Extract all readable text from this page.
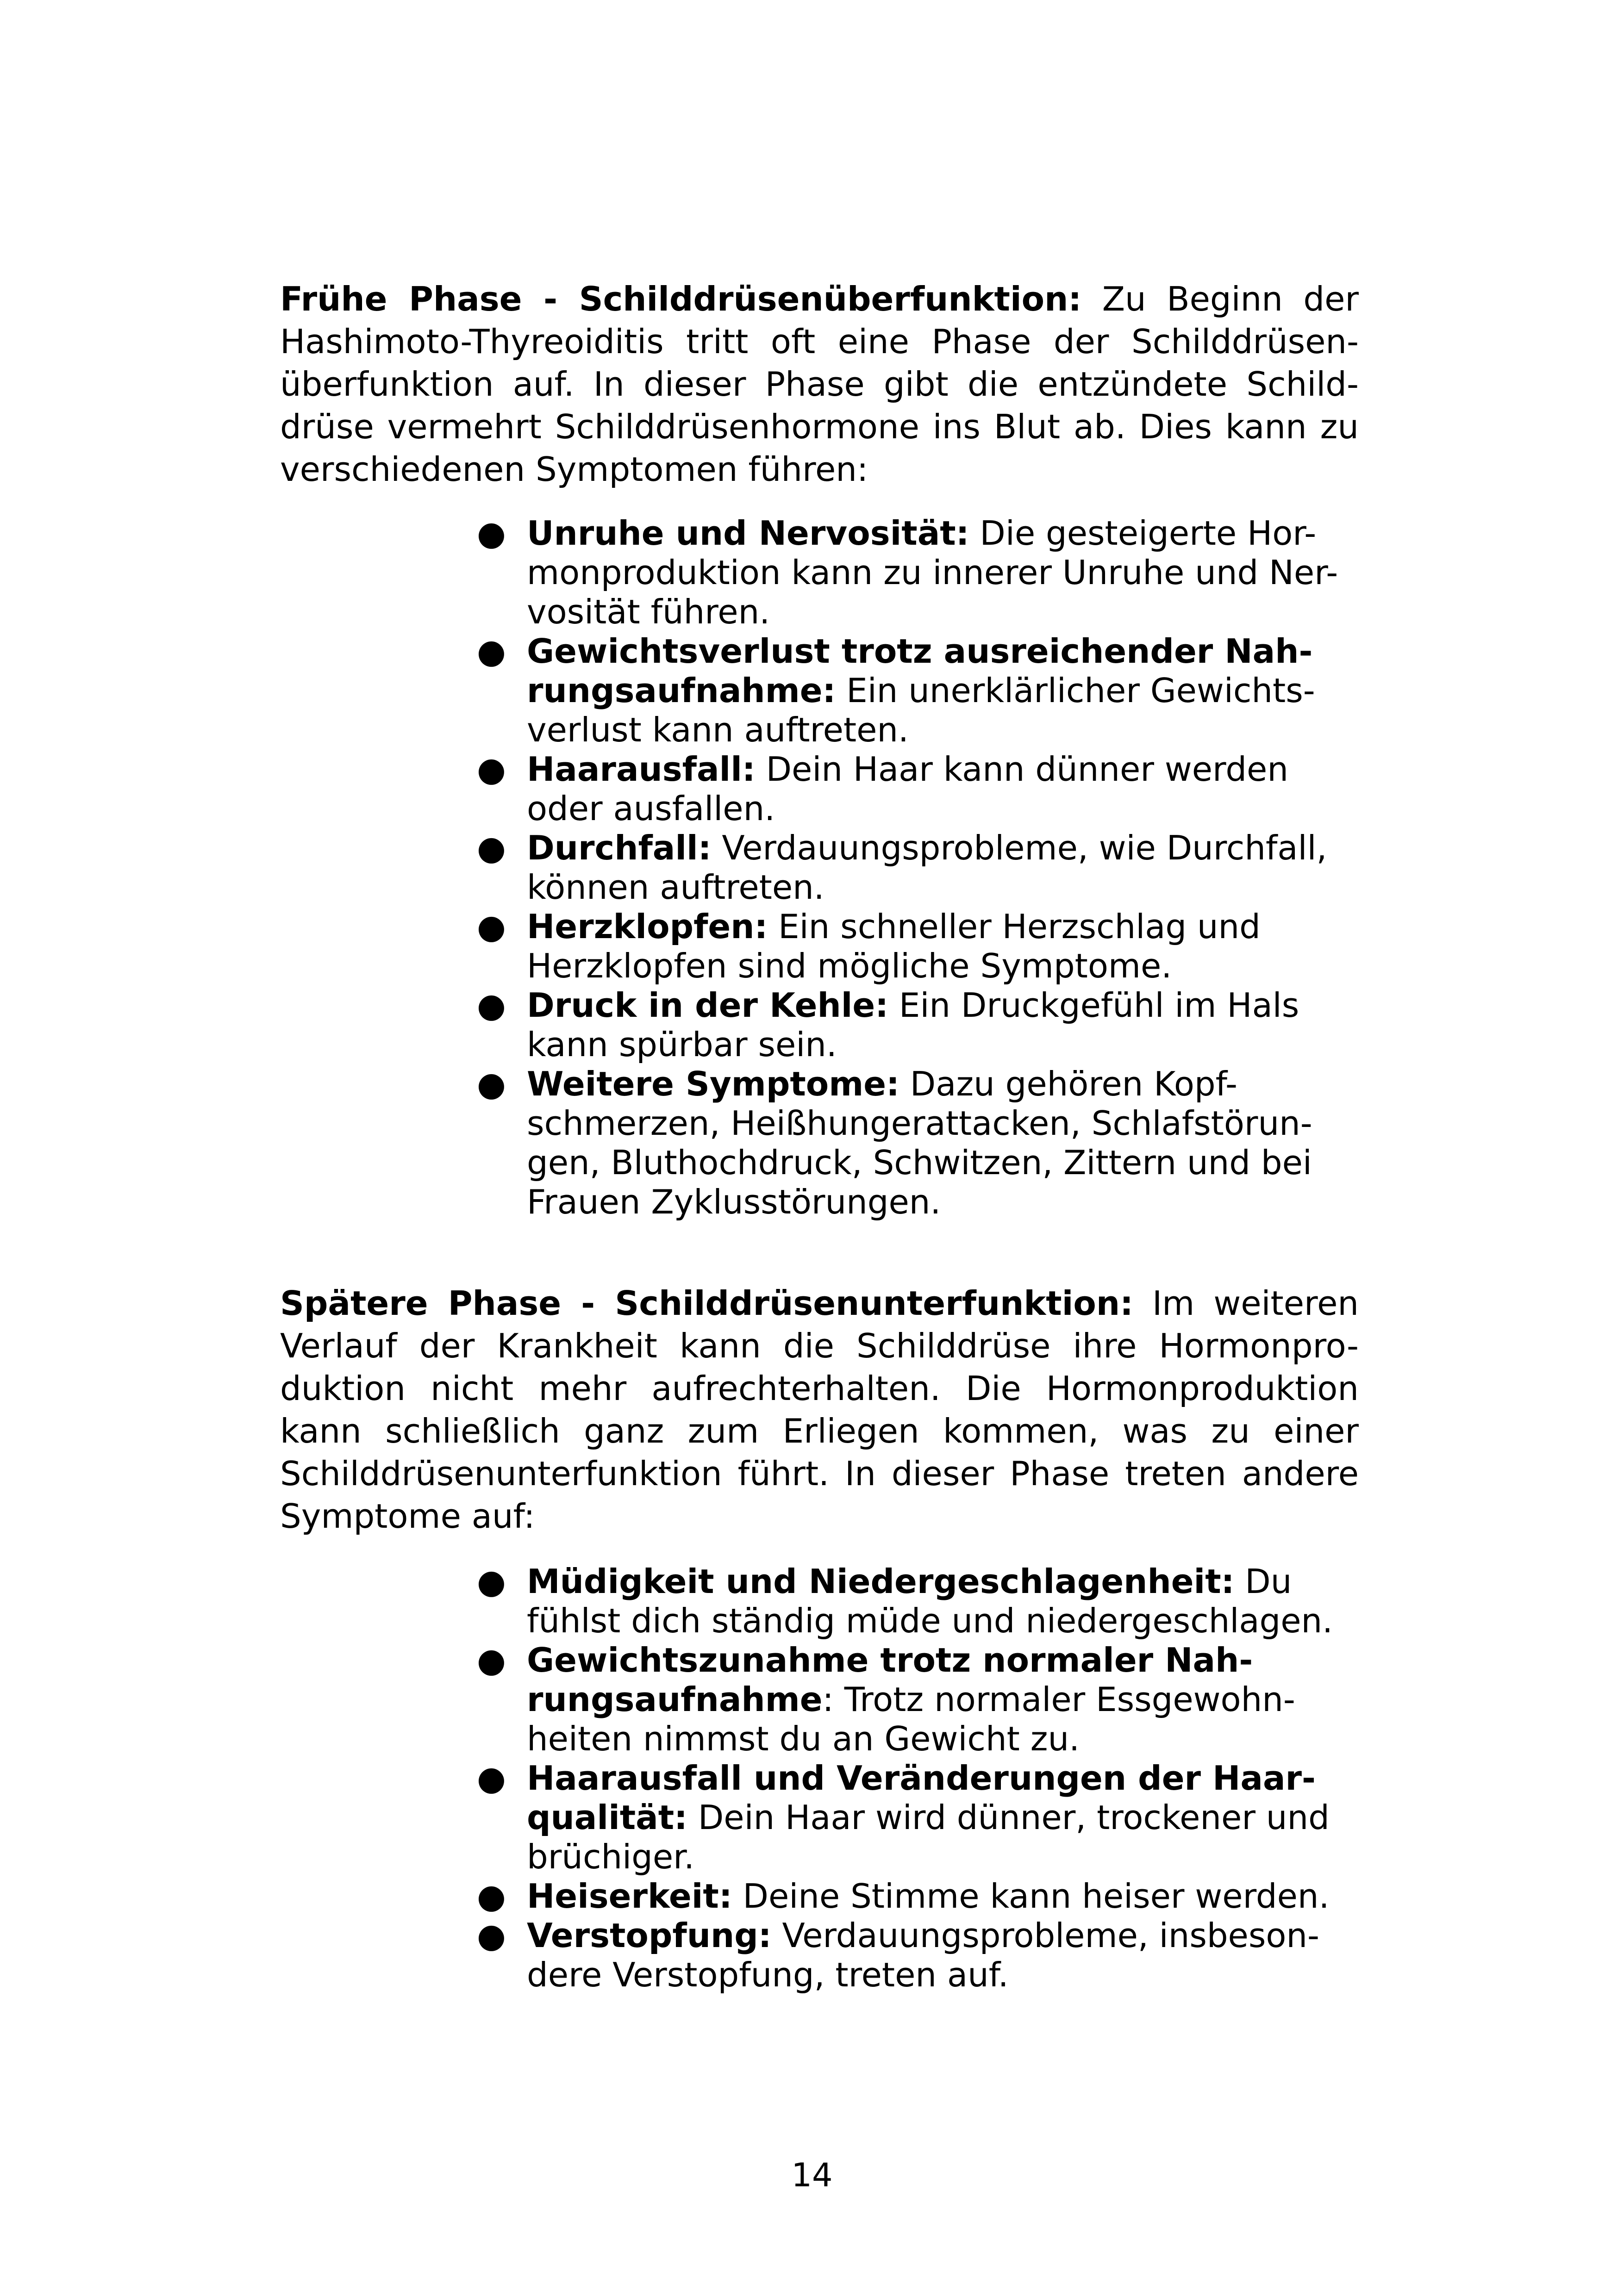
Frühe Phase - Schilddrüsenüberfunktion: Zu Beginn der
Hashimoto-Thyreoiditis tritt oft eine Phase der Schilddrüsen-
überfunktion auf. In dieser Phase gibt die entzündete Schild-
drüse vermehrt Schilddrüsenhormone ins Blut ab. Dies kann zu
verschiedenen Symptomen führen:
● Unruhe und Nervosität: Die gesteigerte Hor-
monproduktion kann zu innerer Unruhe und Ner-
vosität führen.
● Gewichtsverlust trotz ausreichender Nah-
rungsaufnahme: Ein unerklärlicher Gewichts-
verlust kann auftreten.
● Haarausfall: Dein Haar kann dünner werden
oder ausfallen.
● Durchfall: Verdauungsprobleme, wie Durchfall,
können auftreten.
● Herzklopfen: Ein schneller Herzschlag und
Herzklopfen sind mögliche Symptome.
● Druck in der Kehle: Ein Druckgefühl im Hals
kann spürbar sein.
● Weitere Symptome: Dazu gehören Kopf-
schmerzen, Heißhungerattacken, Schlafstörun-
gen, Bluthochdruck, Schwitzen, Zittern und bei
Frauen Zyklusstörungen.
Spätere Phase - Schilddrüsenunterfunktion: Im weiteren
Verlauf der Krankheit kann die Schilddrüse ihre Hormonpro-
duktion nicht mehr aufrechterhalten. Die Hormonproduktion
kann schließlich ganz zum Erliegen kommen, was zu einer
Schilddrüsenunterfunktion führt. In dieser Phase treten andere
Symptome auf:
● Müdigkeit und Niedergeschlagenheit: Du
fühlst dich ständig müde und niedergeschlagen.
● Gewichtszunahme trotz normaler Nah-
rungsaufnahme: Trotz normaler Essgewohn-
heiten nimmst du an Gewicht zu.
● Haarausfall und Veränderungen der Haar-
qualität: Dein Haar wird dünner, trockener und
brüchiger.
● Heiserkeit: Deine Stimme kann heiser werden.
● Verstopfung: Verdauungsprobleme, insbeson-
dere Verstopfung, treten auf.
14
